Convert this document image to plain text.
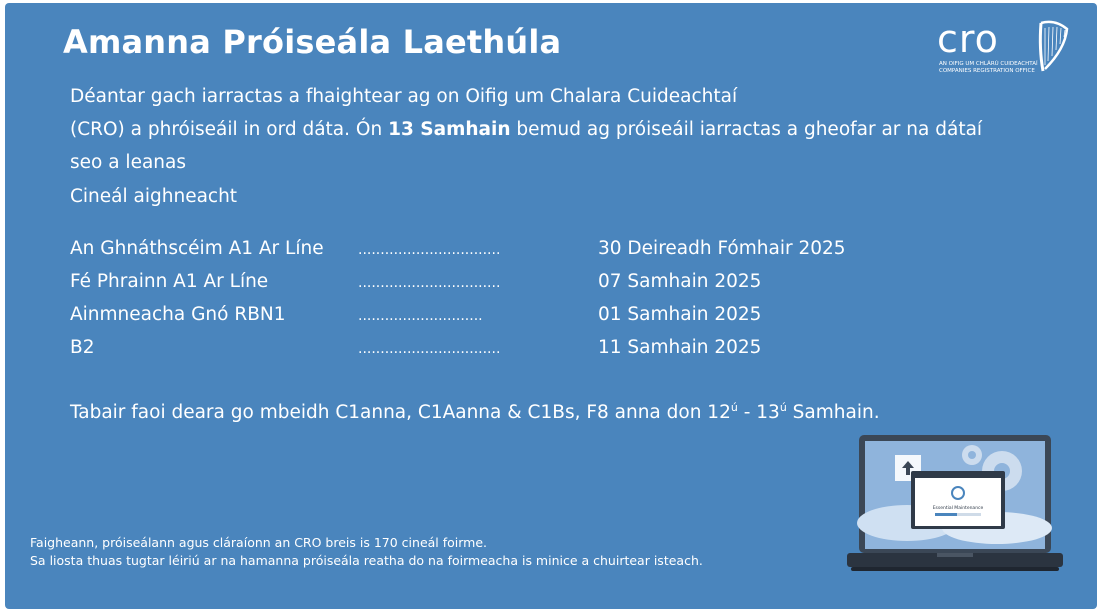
Amanna Próiseála Laethúla	cro
AN OIFIG UM CHLÁRÚ CUIDEACHTAÍ
COMPANIES REGISTRATION OFFICE

Déantar gach iarractas a fhaightear ag on Oifig um Chalara Cuideachtaí
(CRO) a phróiseáil in ord dáta. Ón 13 Samhain bemud ag próiseáil iarractas a gheofar ar na dátaí seo a leanas

Cineál aighneacht
An Ghnáthscéim A1 Ar Líne ................................	30 Deireadh Fómhair 2025
Fé Phrainn A1 Ar Líne	................................	07 Samhain 2025
Ainmneacha Gnó RBN1	............................	01 Samhain 2025
B2	................................	11 Samhain 2025
Tabair faoi deara go mbeidh C1anna, C1Aanna & C1Bs, F8 anna don $12^ú - 13^ú$ Samhain.
Faigheann, próiseálann agus cláraíonn an CRO breis is 170 cineál foirme.
Sa liosta thuas tugtar léiriú ar na hamanna próiseála reatha do na foirmeacha is minice a chuirtear isteach.
Essential Maintenance
